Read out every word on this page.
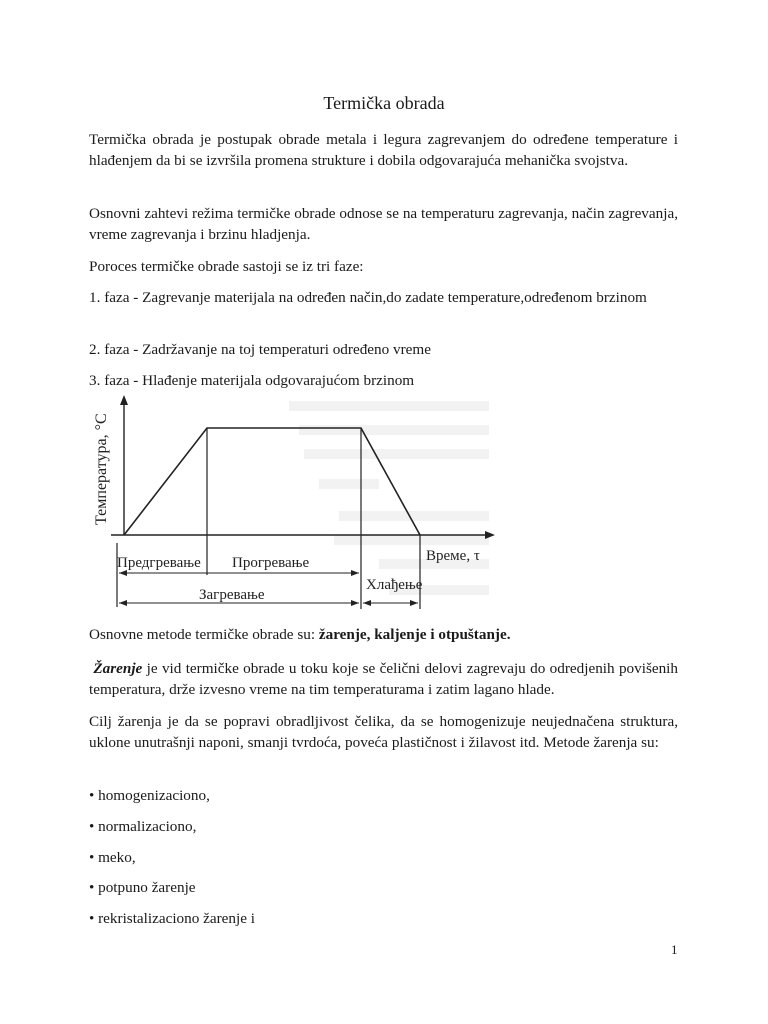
Termička obrada

Termička obrada je postupak obrade metala i legura zagrevanjem do određene temperature i hlađenjem da bi se izvršila promena strukture i dobila odgovarajuća mehanička svojstva.

Osnovni zahtevi režima termičke obrade odnose se na temperaturu zagrevanja, način zagrevanja, vreme zagrevanja i brzinu hladjenja.

Poroces termičke obrade sastoji se iz tri faze:

1. faza - Zagrevanje materijala na određen način,do zadate temperature,određenom brzinom

2. faza - Zadržavanje na toj temperaturi određeno vreme
3. faza - Hlađenje materijala odgovarajućom brzinom
Температура, °C
Време, τ
Предгревање Прогревање
Загревање
Хлађење
Osnovne metode termičke obrade su: žarenje, kaljenje i otpuštanje.

Žarenje je vid termičke obrade u toku koje se čelični delovi zagrevaju do odredjenih povišenih temperatura, drže izvesno vreme na tim temperaturama i zatim lagano hlade.

Cilj žarenja je da se popravi obradljivost čelika, da se homogenizuje neujednačena struktura, uklone unutrašnji naponi, smanji tvrdoća, poveća plastičnost i žilavost itd. Metode žarenja su:

• homogenizaciono,
• normalizaciono,
• meko,
• potpuno žarenje
• rekristalizaciono žarenje i
1
